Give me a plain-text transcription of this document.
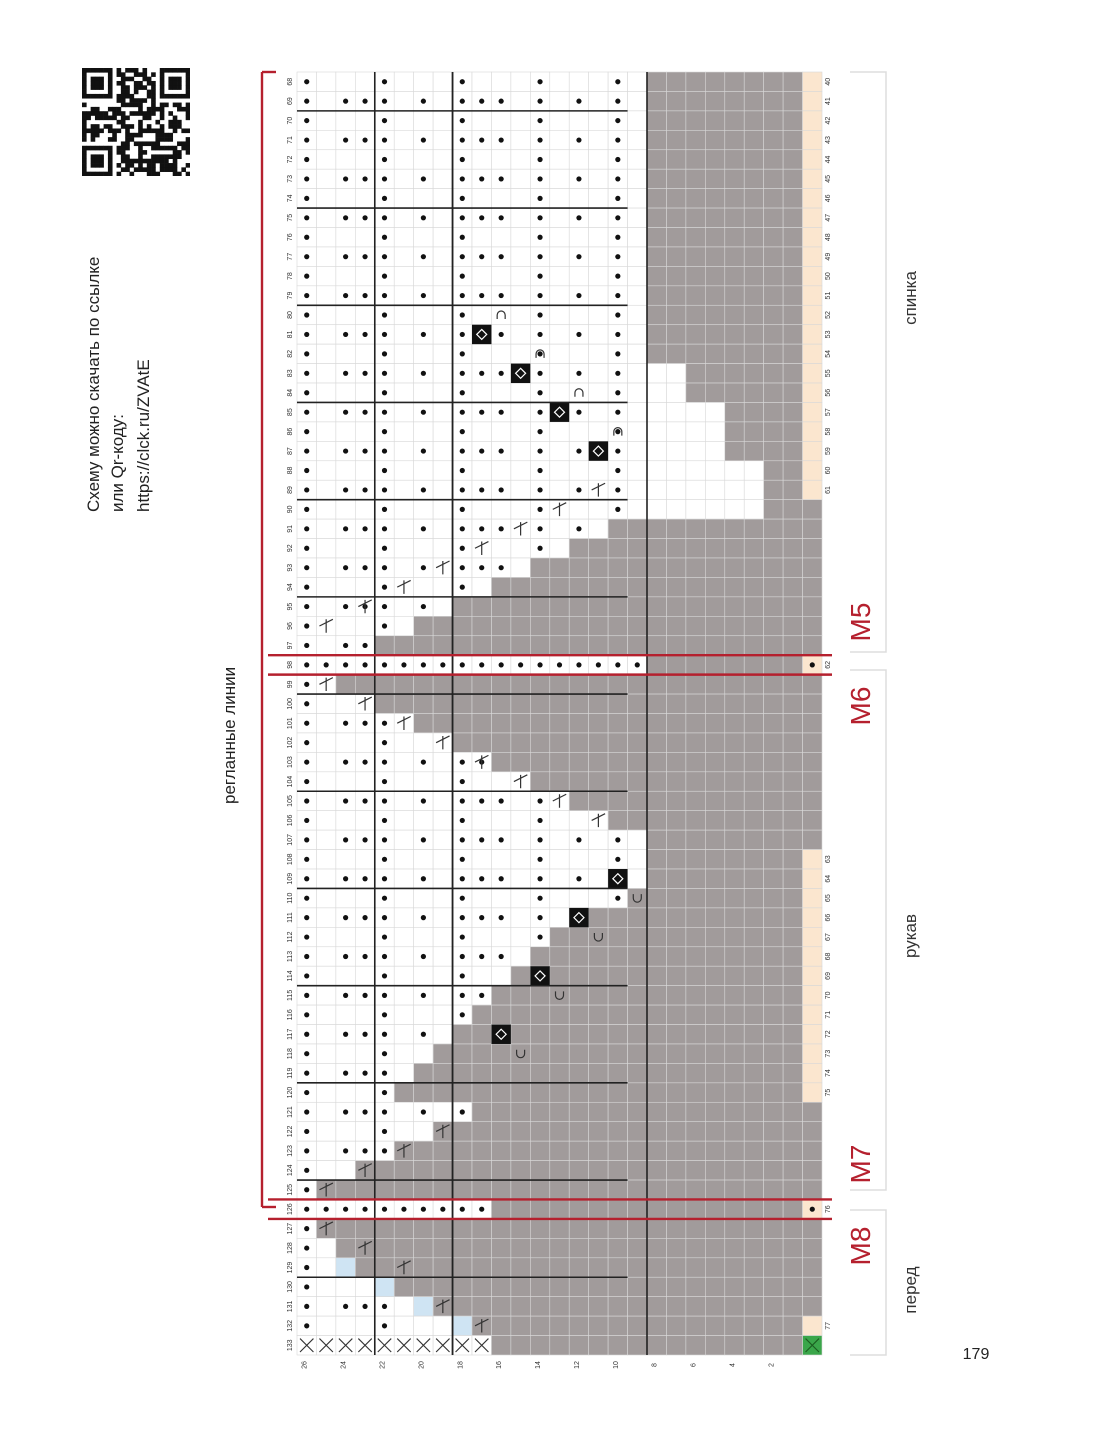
Схему можно скачать по ссылке или Qr-коду: https://clck.ru/ZVAtE
регланные линии
68
69
70
71
72
73
74
75
76
77
78
79
80
81
82
83
84
85
86
87
88
89
90
91
92
93
94
95
96
97
98
99
100
101
102
103
104
105
106
107
108
109
110
111
112
113
114
115
116
117
118
119
120
121
122
123
124
125
126
127
128
129
130
131
132
133
40
41
42
43
44
45
46
47
48
49
50
51
52
53
54
55
56
57
58
59
60
61
62
63
64
65
66
67
68
69
70
71
72
73
74
75
76
77
26	24	22	20	18	16	14	12	10	8	6	4	2
M5
M6
M7
M8
спинка
рукав
перед
179
